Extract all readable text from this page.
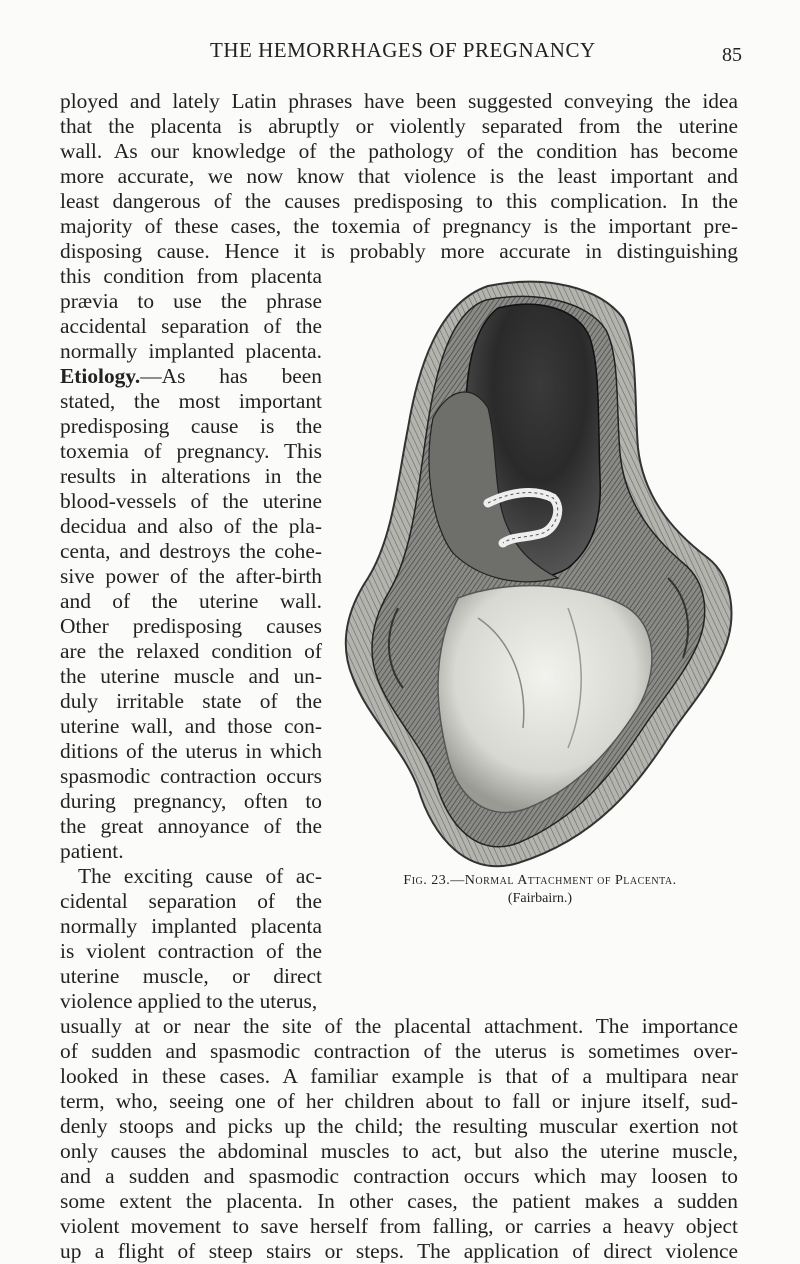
THE HEMORRHAGES OF PREGNANCY	85
ployed and lately Latin phrases have been suggested conveying the idea
that the placenta is abruptly or violently separated from the uterine
wall. As our knowledge of the pathology of the condition has become
more accurate, we now know that violence is the least important and
least dangerous of the causes predisposing to this complication. In the
majority of these cases, the toxemia of pregnancy is the important pre-
disposing cause. Hence it is probably more accurate in distinguishing
this condition from placenta
prævia to use the phrase
accidental separation of the
normally implanted placenta.
Etiology.—As has been
stated, the most important
predisposing cause is the
toxemia of pregnancy. This
results in alterations in the
blood-vessels of the uterine
decidua and also of the pla-
centa, and destroys the cohe-
sive power of the after-birth
and of the uterine wall.
Other predisposing causes
are the relaxed condition of
the uterine muscle and un-
duly irritable state of the
uterine wall, and those con-
ditions of the uterus in which
spasmodic contraction occurs
during pregnancy, often to
the great annoyance of the
patient.
The exciting cause of ac-
cidental separation of the
normally implanted placenta
is violent contraction of the
uterine muscle, or direct
violence applied to the uterus,
usually at or near the site of the placental attachment. The importance
of sudden and spasmodic contraction of the uterus is sometimes over-
looked in these cases. A familiar example is that of a multipara near
term, who, seeing one of her children about to fall or injure itself, sud-
denly stoops and picks up the child; the resulting muscular exertion not
only causes the abdominal muscles to act, but also the uterine muscle,
and a sudden and spasmodic contraction occurs which may loosen to
some extent the placenta. In other cases, the patient makes a sudden
violent movement to save herself from falling, or carries a heavy object
up a flight of steep stairs or steps. The application of direct violence
Fig. 23.—Normal Attachment of Placenta.
(Fairbairn.)
